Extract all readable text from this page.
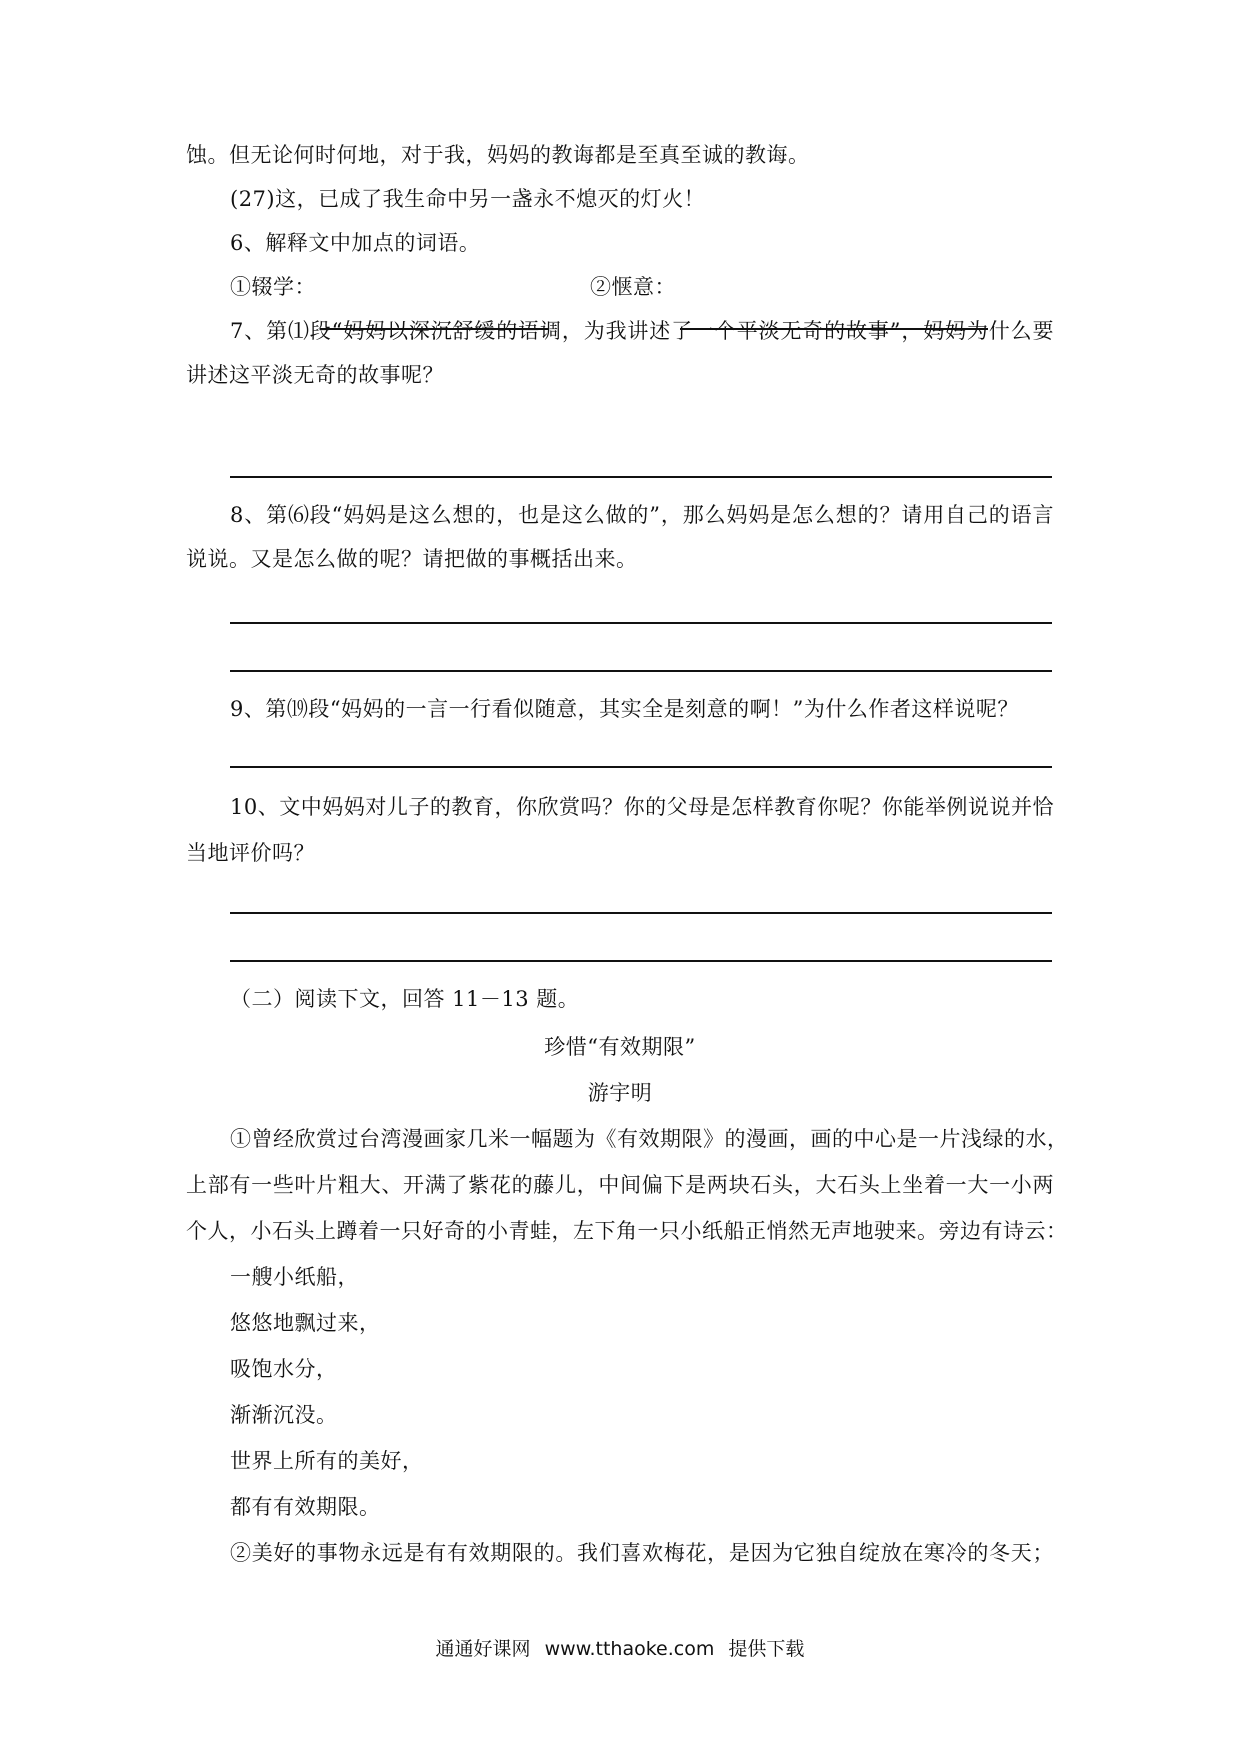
蚀。但无论何时何地，对于我，妈妈的教诲都是至真至诚的教诲。
(27)这，已成了我生命中另一盏永不熄灭的灯火！
6、解释文中加点的词语。
①辍学：	②惬意：
7、第⑴段“妈妈以深沉舒缓的语调，为我讲述了一个平淡无奇的故事”，妈妈为什么要
讲述这平淡无奇的故事呢？
8、第⑹段“妈妈是这么想的，也是这么做的”，那么妈妈是怎么想的？请用自己的语言
说说。又是怎么做的呢？请把做的事概括出来。
9、第⒆段“妈妈的一言一行看似随意，其实全是刻意的啊！”为什么作者这样说呢？
10、文中妈妈对儿子的教育，你欣赏吗？你的父母是怎样教育你呢？你能举例说说并恰
当地评价吗？
（二）阅读下文，回答 11－13 题。
珍惜“有效期限”
游宇明
①曾经欣赏过台湾漫画家几米一幅题为《有效期限》的漫画，画的中心是一片浅绿的水，
上部有一些叶片粗大、开满了紫花的藤儿，中间偏下是两块石头，大石头上坐着一大一小两
个人，小石头上蹲着一只好奇的小青蛙，左下角一只小纸船正悄然无声地驶来。旁边有诗云：
一艘小纸船，
悠悠地飘过来，
吸饱水分，
渐渐沉没。
世界上所有的美好，
都有有效期限。
②美好的事物永远是有有效期限的。我们喜欢梅花，是因为它独自绽放在寒冷的冬天；
通通好课网 www.tthaoke.com 提供下载
